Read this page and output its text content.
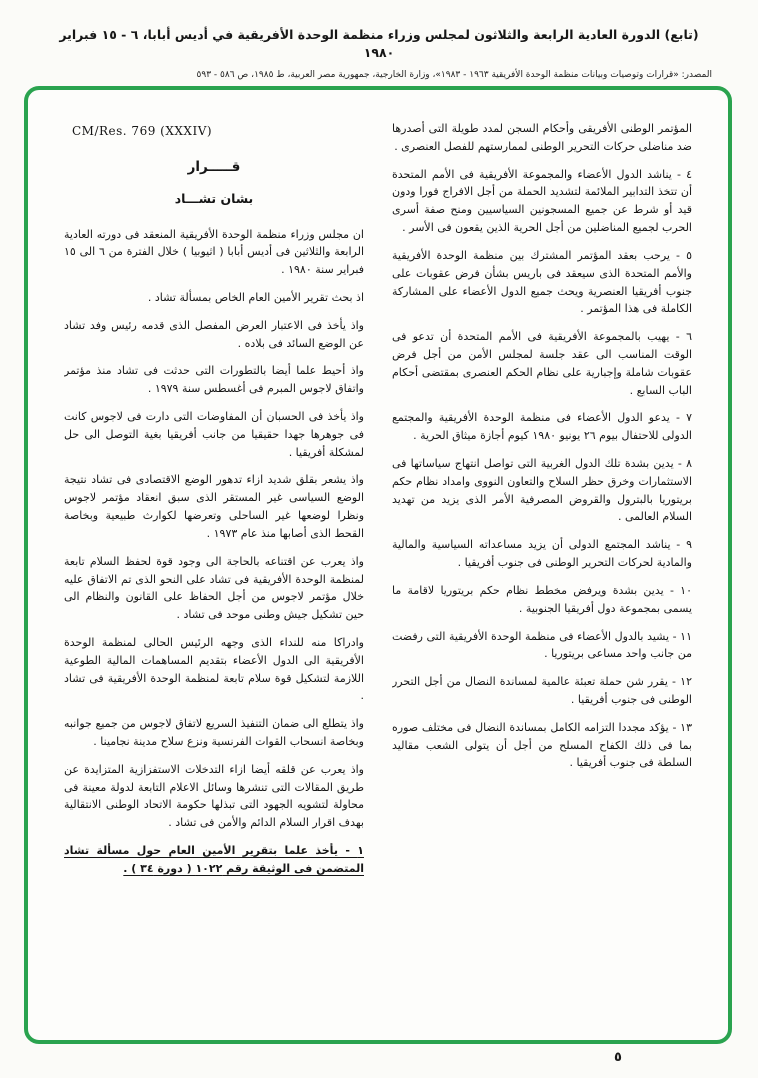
(تابع) الدورة العادية الرابعة والثلاثون لمجلس وزراء منظمة الوحدة الأفريقية في أديس أبابا، ٦ - ١٥ فبراير ١٩٨٠
المصدر: «قرارات وتوصيات وبيانات منظمة الوحدة الأفريقية ١٩٦٣ - ١٩٨٣»، وزارة الخارجية، جمهورية مصر العربية، ط ١٩٨٥، ص ٥٨٦ - ٥٩٣

المؤتمر الوطنى الأفريقى وأحكام السجن لمدد طويلة التى أصدرها ضد مناضلى حركات التحرير الوطنى لممارستهم للفصل العنصرى .

٤ - يناشد الدول الأعضاء والمجموعة الأفريقية فى الأمم المتحدة أن تتخذ التدابير الملائمة لتشديد الحملة من أجل الافراج فورا ودون قيد أو شرط عن جميع المسجونين السياسيين ومنح صفة أسرى الحرب لجميع المناضلين من أجل الحرية الذين يقعون فى الأسر .

٥ - يرحب بعقد المؤتمر المشترك بين منظمة الوحدة الأفريقية والأمم المتحدة الذى سيعقد فى باريس بشأن فرض عقوبات على جنوب أفريقيا العنصرية ويحث جميع الدول الأعضاء على المشاركة الكاملة فى هذا المؤتمر .

٦ - يهيب بالمجموعة الأفريقية فى الأمم المتحدة أن تدعو فى الوقت المناسب الى عقد جلسة لمجلس الأمن من أجل فرض عقوبات شاملة وإجبارية على نظام الحكم العنصرى بمقتضى أحكام الباب السابع .

٧ - يدعو الدول الأعضاء فى منظمة الوحدة الأفريقية والمجتمع الدولى للاحتفال بيوم ٢٦ يونيو ١٩٨٠ كيوم أجازة ميثاق الحرية .

٨ - يدين بشدة تلك الدول الغربية التى تواصل انتهاج سياساتها فى الاستثمارات وخرق حظر السلاح والتعاون النووى وامداد نظام حكم بريتوريا بالبترول والقروض المصرفية الأمر الذى يزيد من تهديد السلام العالمى .

٩ - يناشد المجتمع الدولى أن يزيد مساعداته السياسية والمالية والمادية لحركات التحرير الوطنى فى جنوب أفريقيا .

١٠ - يدين بشدة ويرفض مخطط نظام حكم بريتوريا لاقامة ما يسمى بمجموعة دول أفريقيا الجنوبية .

١١ - يشيد بالدول الأعضاء فى منظمة الوحدة الأفريقية التى رفضت من جانب واحد مساعى بريتوريا .

١٢ - يقرر شن حملة تعبئة عالمية لمساندة النضال من أجل التحرر الوطنى فى جنوب أفريقيا .

١٣ - يؤكد مجددا التزامه الكامل بمساندة النضال فى مختلف صوره بما فى ذلك الكفاح المسلح من أجل أن يتولى الشعب مقاليد السلطة فى جنوب أفريقيا .

CM/Res. 769 (XXXIV)
قـــــرار
بشان تشـــاد

ان مجلس وزراء منظمة الوحدة الأفريقية المنعقد فى دورته العادية الرابعة والثلاثين فى أديس أبابا ( اثيوبيا ) خلال الفترة من ٦ الى ١٥ فبراير سنة ١٩٨٠ .

اذ بحث تقرير الأمين العام الخاص بمسألة تشاد .

واذ يأخذ فى الاعتبار العرض المفصل الذى قدمه رئيس وفد تشاد عن الوضع السائد فى بلاده .

واذ أحيط علما أيضا بالتطورات التى حدثت فى تشاد منذ مؤتمر واتفاق لاجوس المبرم فى أغسطس سنة ١٩٧٩ .

واذ يأخذ فى الحسبان أن المفاوضات التى دارت فى لاجوس كانت فى جوهرها جهدا حقيقيا من جانب أفريقيا بغية التوصل الى حل لمشكلة أفريقيا .

واذ يشعر بقلق شديد ازاء تدهور الوضع الاقتصادى فى تشاد نتيجة الوضع السياسى غير المستقر الذى سبق انعقاد مؤتمر لاجوس ونظرا لوضعها غير الساحلى وتعرضها لكوارث طبيعية وبخاصة القحط الذى أصابها منذ عام ١٩٧٣ .

واذ يعرب عن اقتناعه بالحاجة الى وجود قوة لحفظ السلام تابعة لمنظمة الوحدة الأفريقية فى تشاد على النحو الذى تم الاتفاق عليه خلال مؤتمر لاجوس من أجل الحفاظ على القانون والنظام الى حين تشكيل جيش وطنى موحد فى تشاد .

وادراكا منه للنداء الذى وجهه الرئيس الحالى لمنظمة الوحدة الأفريقية الى الدول الأعضاء بتقديم المساهمات المالية الطوعية اللازمة لتشكيل قوة سلام تابعة لمنظمة الوحدة الأفريقية فى تشاد .

واذ يتطلع الى ضمان التنفيذ السريع لاتفاق لاجوس من جميع جوانبه وبخاصة انسحاب القوات الفرنسية ونزع سلاح مدينة نجامينا .

واذ يعرب عن قلقه أيضا ازاء التدخلات الاستفزازية المتزايدة عن طريق المقالات التى تنشرها وسائل الاعلام التابعة لدولة معينة فى محاولة لتشويه الجهود التى تبذلها حكومة الاتحاد الوطنى الانتقالية بهدف اقرار السلام الدائم والأمن فى تشاد .

١ - يأخذ علما بتقرير الأمين العام حول مسألة تشاد المتضمن فى الوثيقة رقم ١٠٢٢ ( دورة ٣٤ ) .

٥
